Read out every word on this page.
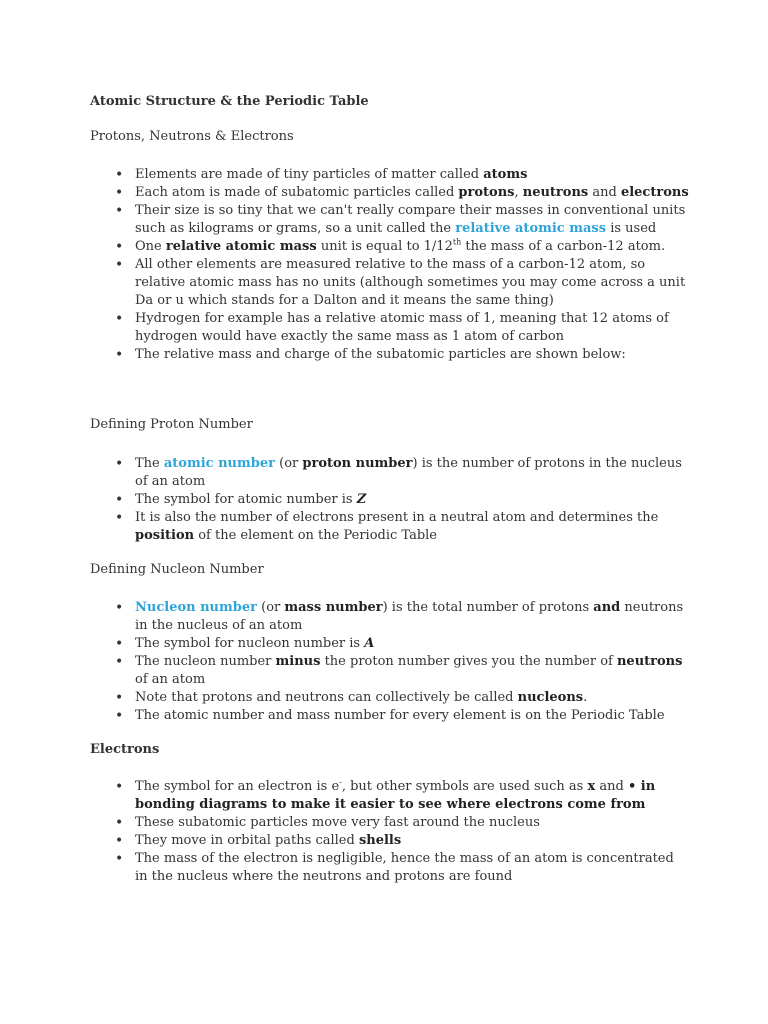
Atomic Structure & the Periodic Table

Protons, Neutrons & Electrons

• Elements are made of tiny particles of matter called atoms
• Each atom is made of subatomic particles called protons, neutrons and electrons
• Their size is so tiny that we can't really compare their masses in conventional units such as kilograms or grams, so a unit called the relative atomic mass is used
• One relative atomic mass unit is equal to 1/12th the mass of a carbon-12 atom.
• All other elements are measured relative to the mass of a carbon-12 atom, so relative atomic mass has no units (although sometimes you may come across a unit Da or u which stands for a Dalton and it means the same thing)
• Hydrogen for example has a relative atomic mass of 1, meaning that 12 atoms of hydrogen would have exactly the same mass as 1 atom of carbon
• The relative mass and charge of the subatomic particles are shown below:

Defining Proton Number

• The atomic number (or proton number) is the number of protons in the nucleus of an atom
• The symbol for atomic number is Z
• It is also the number of electrons present in a neutral atom and determines the position of the element on the Periodic Table

Defining Nucleon Number

• Nucleon number (or mass number) is the total number of protons and neutrons in the nucleus of an atom
• The symbol for nucleon number is A
• The nucleon number minus the proton number gives you the number of neutrons of an atom
• Note that protons and neutrons can collectively be called nucleons.
• The atomic number and mass number for every element is on the Periodic Table
Electrons
• The symbol for an electron is e-, but other symbols are used such as x and • in bonding diagrams to make it easier to see where electrons come from
• These subatomic particles move very fast around the nucleus
• They move in orbital paths called shells
• The mass of the electron is negligible, hence the mass of an atom is concentrated in the nucleus where the neutrons and protons are found
